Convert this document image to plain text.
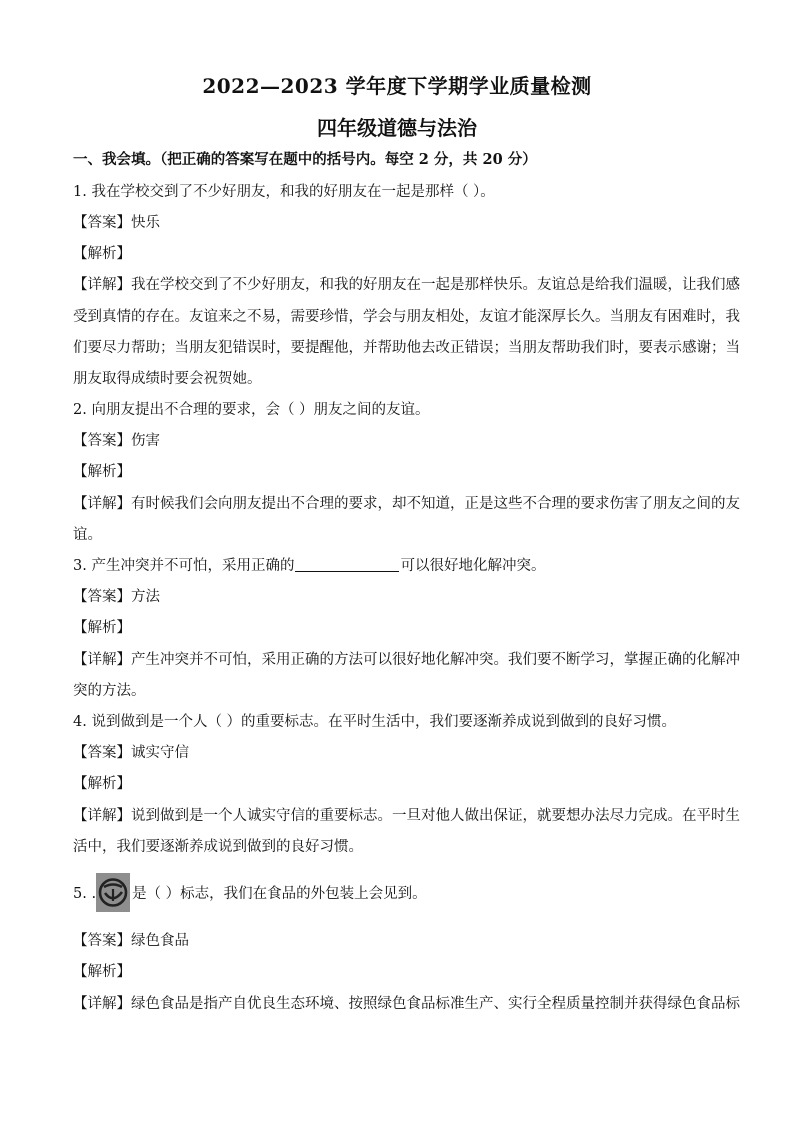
2022—2023 学年度下学期学业质量检测
四年级道德与法治
一、我会填。（把正确的答案写在题中的括号内。每空 2 分，共 20 分）
1. 我在学校交到了不少好朋友，和我的好朋友在一起是那样（ ）。
【答案】快乐
【解析】
【详解】我在学校交到了不少好朋友，和我的好朋友在一起是那样快乐。友谊总是给我们温暖，让我们感
受到真情的存在。友谊来之不易，需要珍惜，学会与朋友相处，友谊才能深厚长久。当朋友有困难时，我
们要尽力帮助；当朋友犯错误时，要提醒他，并帮助他去改正错误；当朋友帮助我们时，要表示感谢；当
朋友取得成绩时要会祝贺她。
2. 向朋友提出不合理的要求，会（ ）朋友之间的友谊。
【答案】伤害
【解析】
【详解】有时候我们会向朋友提出不合理的要求，却不知道，正是这些不合理的要求伤害了朋友之间的友
谊。
3. 产生冲突并不可怕，采用正确的	可以很好地化解冲突。
【答案】方法
【解析】
【详解】产生冲突并不可怕，采用正确的方法可以很好地化解冲突。我们要不断学习，掌握正确的化解冲
突的方法。
4. 说到做到是一个人（ ）的重要标志。在平时生活中，我们要逐渐养成说到做到的良好习惯。
【答案】诚实守信
【解析】
【详解】说到做到是一个人诚实守信的重要标志。一旦对他人做出保证，就要想办法尽力完成。在平时生
活中，我们要逐渐养成说到做到的良好习惯。
5. . 是（ ）标志，我们在食品的外包装上会见到。
【答案】绿色食品
【解析】
【详解】绿色食品是指产自优良生态环境、按照绿色食品标准生产、实行全程质量控制并获得绿色食品标
